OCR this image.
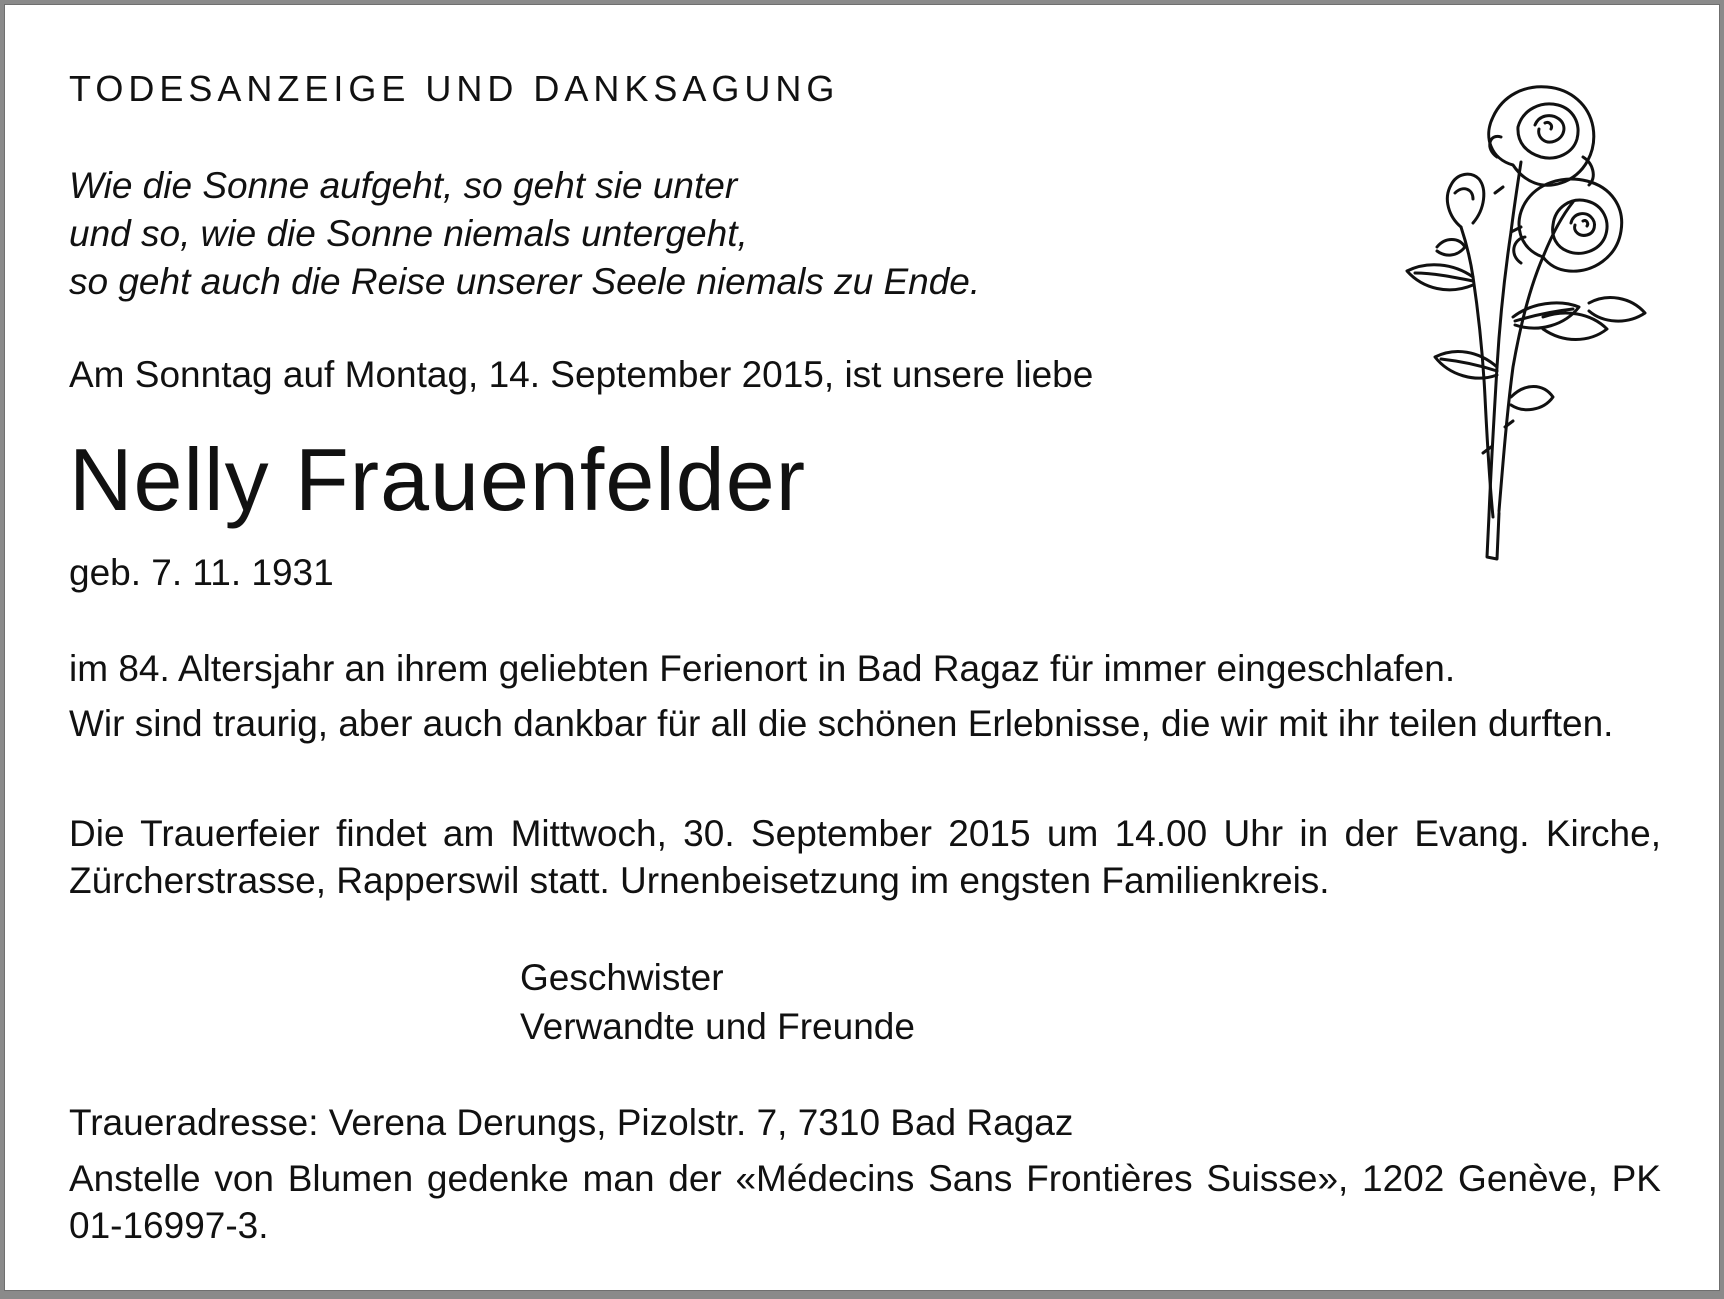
TODESANZEIGE UND DANKSAGUNG
Wie die Sonne aufgeht, so geht sie unter
und so, wie die Sonne niemals untergeht,
so geht auch die Reise unserer Seele niemals zu Ende.
Am Sonntag auf Montag, 14. September 2015, ist unsere liebe
Nelly Frauenfelder
geb. 7. 11. 1931

im 84. Altersjahr an ihrem geliebten Ferienort in Bad Ragaz für immer eingeschlafen.

Wir sind traurig, aber auch dankbar für all die schönen Erlebnisse, die wir mit ihr teilen durften.

Die Trauerfeier findet am Mittwoch, 30. September 2015 um 14.00 Uhr in der Evang. Kirche, Zürcherstrasse, Rapperswil statt. Urnenbeisetzung im engsten Familienkreis.

Geschwister
Verwandte und Freunde
Traueradresse: Verena Derungs, Pizolstr. 7, 7310 Bad Ragaz

Anstelle von Blumen gedenke man der «Médecins Sans Frontières Suisse», 1202 Genève, PK 01-16997-3.
